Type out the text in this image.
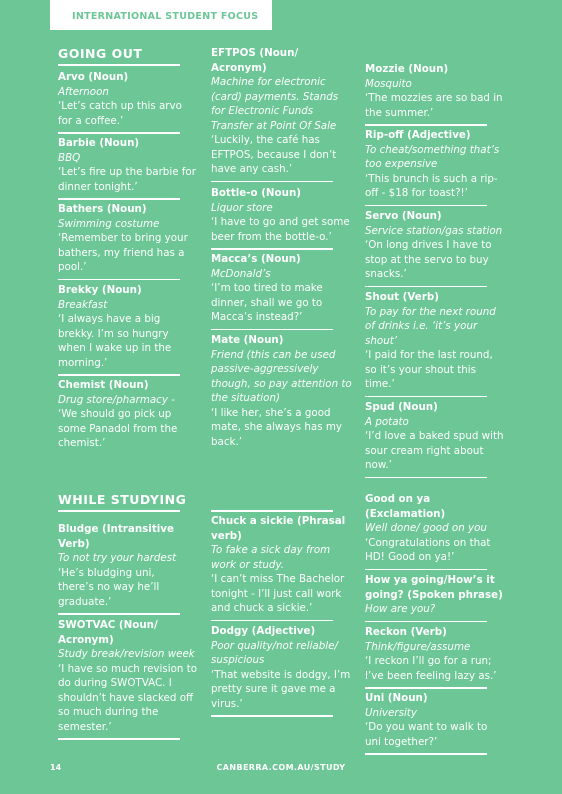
INTERNATIONAL STUDENT FOCUS
GOING OUT
Arvo (Noun)
Afternoon
‘Let’s catch up this arvo for a coffee.’
Barbie (Noun)
BBQ
‘Let’s fire up the barbie for dinner tonight.’
Bathers (Noun)
Swimming costume
‘Remember to bring your bathers, my friend has a pool.’
Brekky (Noun)
Breakfast
‘I always have a big brekky. I’m so hungry when I wake up in the morning.’
Chemist (Noun)
Drug store/pharmacy -
‘We should go pick up some Panadol from the chemist.’
EFTPOS (Noun/ Acronym)
Machine for electronic (card) payments. Stands for Electronic Funds Transfer at Point Of Sale
‘Luckily, the café has EFTPOS, because I don’t have any cash.’
Bottle-o (Noun)
Liquor store
‘I have to go and get some beer from the bottle-o.’
Macca’s (Noun)
McDonald’s
‘I’m too tired to make dinner, shall we go to Macca’s instead?’
Mate (Noun)
Friend (this can be used passive-aggressively though, so pay attention to the situation)
‘I like her, she’s a good mate, she always has my back.’
Mozzie (Noun)
Mosquito
‘The mozzies are so bad in the summer.’
Rip-off (Adjective)
To cheat/something that’s too expensive
‘This brunch is such a rip-off - $18 for toast?!’
Servo (Noun)
Service station/gas station
‘On long drives I have to stop at the servo to buy snacks.’
Shout (Verb)
To pay for the next round of drinks i.e. ‘it’s your shout’
‘I paid for the last round, so it’s your shout this time.’
Spud (Noun)
A potato
‘I’d love a baked spud with sour cream right about now.’
WHILE STUDYING
Bludge (Intransitive Verb)
To not try your hardest
‘He’s bludging uni, there’s no way he’ll graduate.’
SWOTVAC (Noun/ Acronym)
Study break/revision week
‘I have so much revision to do during SWOTVAC. I shouldn’t have slacked off so much during the semester.’
Chuck a sickie (Phrasal verb)
To fake a sick day from work or study.
‘I can’t miss The Bachelor tonight - I’ll just call work and chuck a sickie.’
Dodgy (Adjective)
Poor quality/not reliable/ suspicious
‘That website is dodgy, I’m pretty sure it gave me a virus.’
Good on ya (Exclamation)
Well done/ good on you
‘Congratulations on that HD! Good on ya!’
How ya going/How’s it going? (Spoken phrase)
How are you?
Reckon (Verb)
Think/figure/assume
‘I reckon I’ll go for a run; I’ve been feeling lazy as.’
Uni (Noun)
University
‘Do you want to walk to uni together?’
14	CANBERRA.COM.AU/STUDY
